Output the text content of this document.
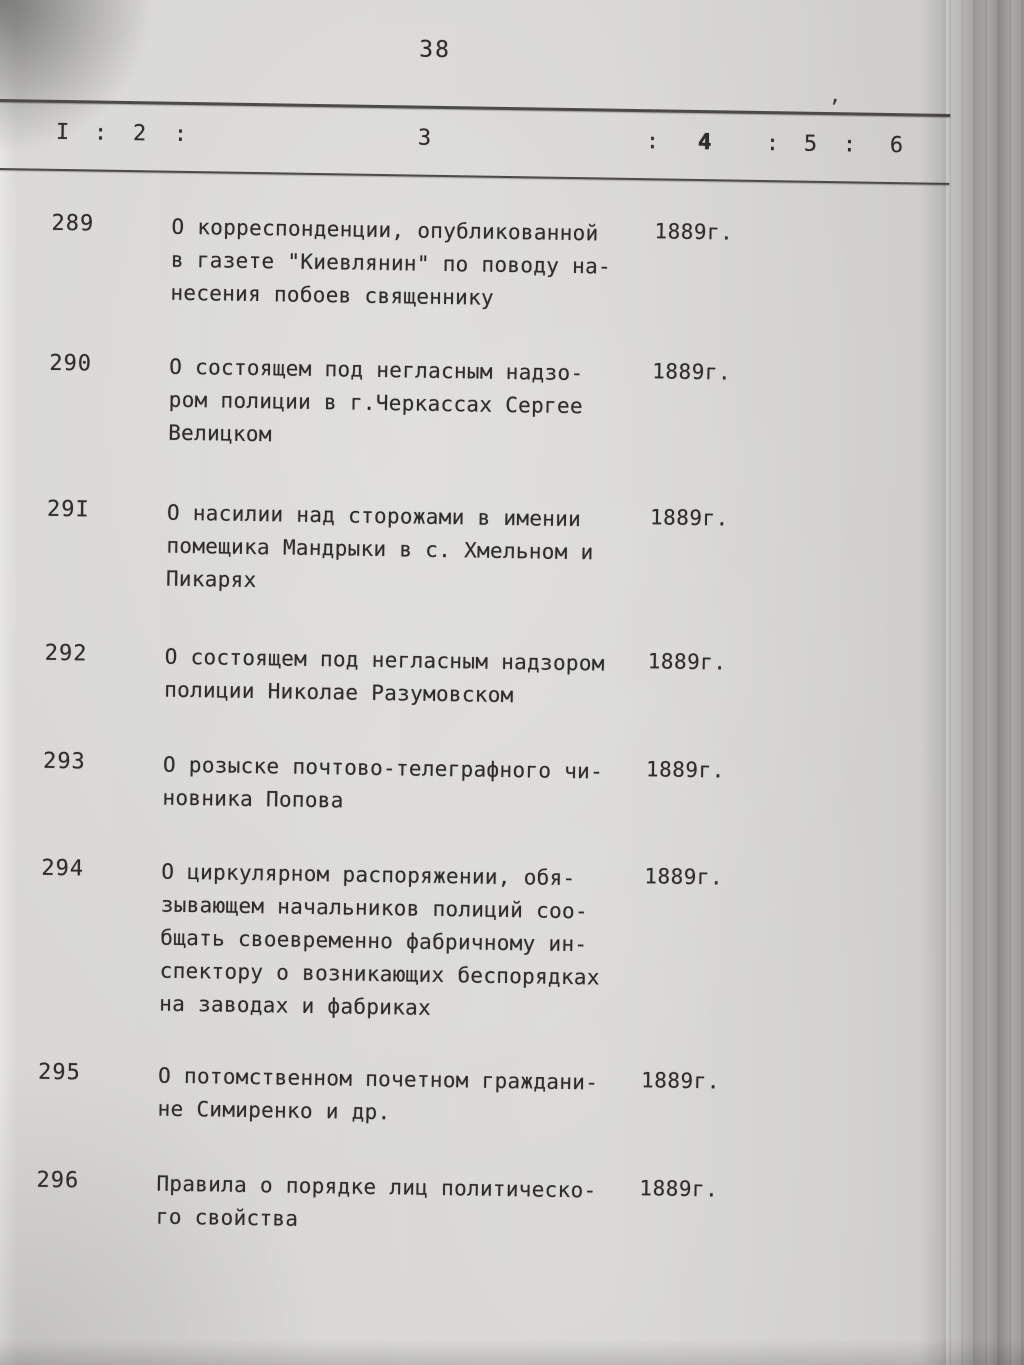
38
’
I : 2 :	3	: 4 : 5 : 6
289	О корреспонденции, опубликованной
в газете "Киевлянин" по поводу на-
несения побоев священнику
1889г.
290	О состоящем под негласным надзо-
ром полиции в г.Черкассах Сергее
Велицком
1889г.
29I	О насилии над сторожами в имении
помещика Мандрыки в с. Хмельном и
Пикарях
1889г.
292	О состоящем под негласным надзором
полиции Николае Разумовском
1889г.
293	О розыске почтово-телеграфного чи-
новника Попова
1889г.
294	О циркулярном распоряжении, обя-
зывающем начальников полиций соо-
бщать своевременно фабричному ин-
спектору о возникающих беспорядках
на заводах и фабриках
1889г.
295	О потомственном почетном граждани-
не Симиренко и др.
1889г.
296	Правила о порядке лиц политическо-
го свойства
1889г.
